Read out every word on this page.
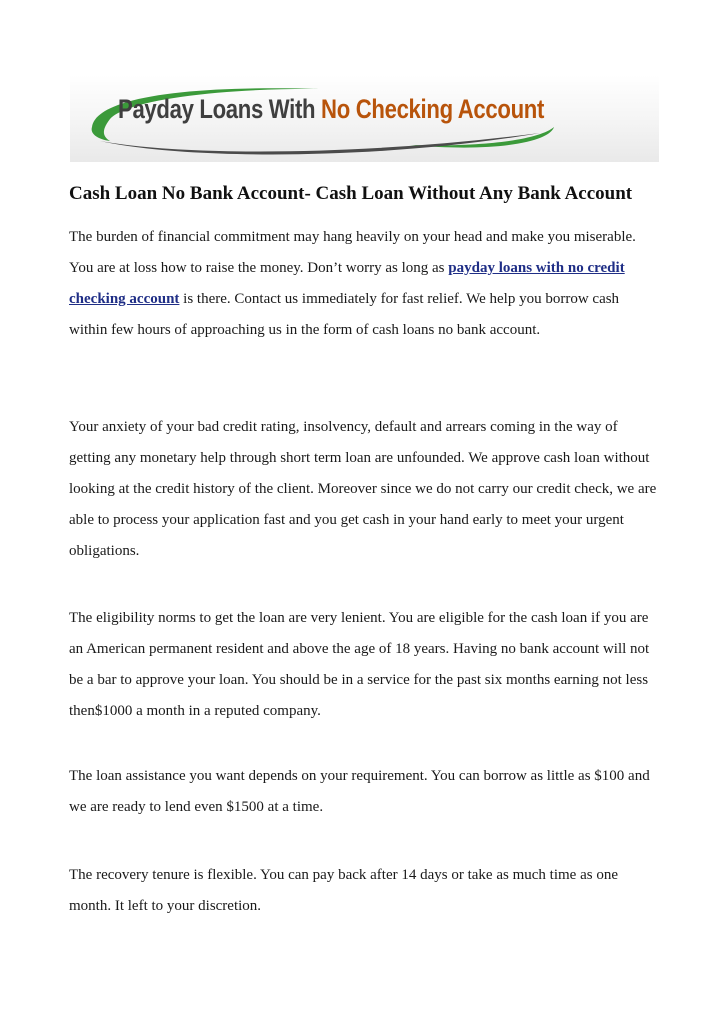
Payday Loans With No Checking Account

Cash Loan No Bank Account- Cash Loan Without Any Bank Account

The burden of financial commitment may hang heavily on your head and make you miserable. You are at loss how to raise the money. Don’t worry as long as payday loans with no credit checking account is there. Contact us immediately for fast relief. We help you borrow cash within few hours of approaching us in the form of cash loans no bank account.

Your anxiety of your bad credit rating, insolvency, default and arrears coming in the way of getting any monetary help through short term loan are unfounded. We approve cash loan without looking at the credit history of the client. Moreover since we do not carry our credit check, we are able to process your application fast and you get cash in your hand early to meet your urgent obligations.

The eligibility norms to get the loan are very lenient. You are eligible for the cash loan if you are an American permanent resident and above the age of 18 years. Having no bank account will not be a bar to approve your loan. You should be in a service for the past six months earning not less then$1000 a month in a reputed company.

The loan assistance you want depends on your requirement. You can borrow as little as $100 and we are ready to lend even $1500 at a time.

The recovery tenure is flexible. You can pay back after 14 days or take as much time as one month. It left to your discretion.
